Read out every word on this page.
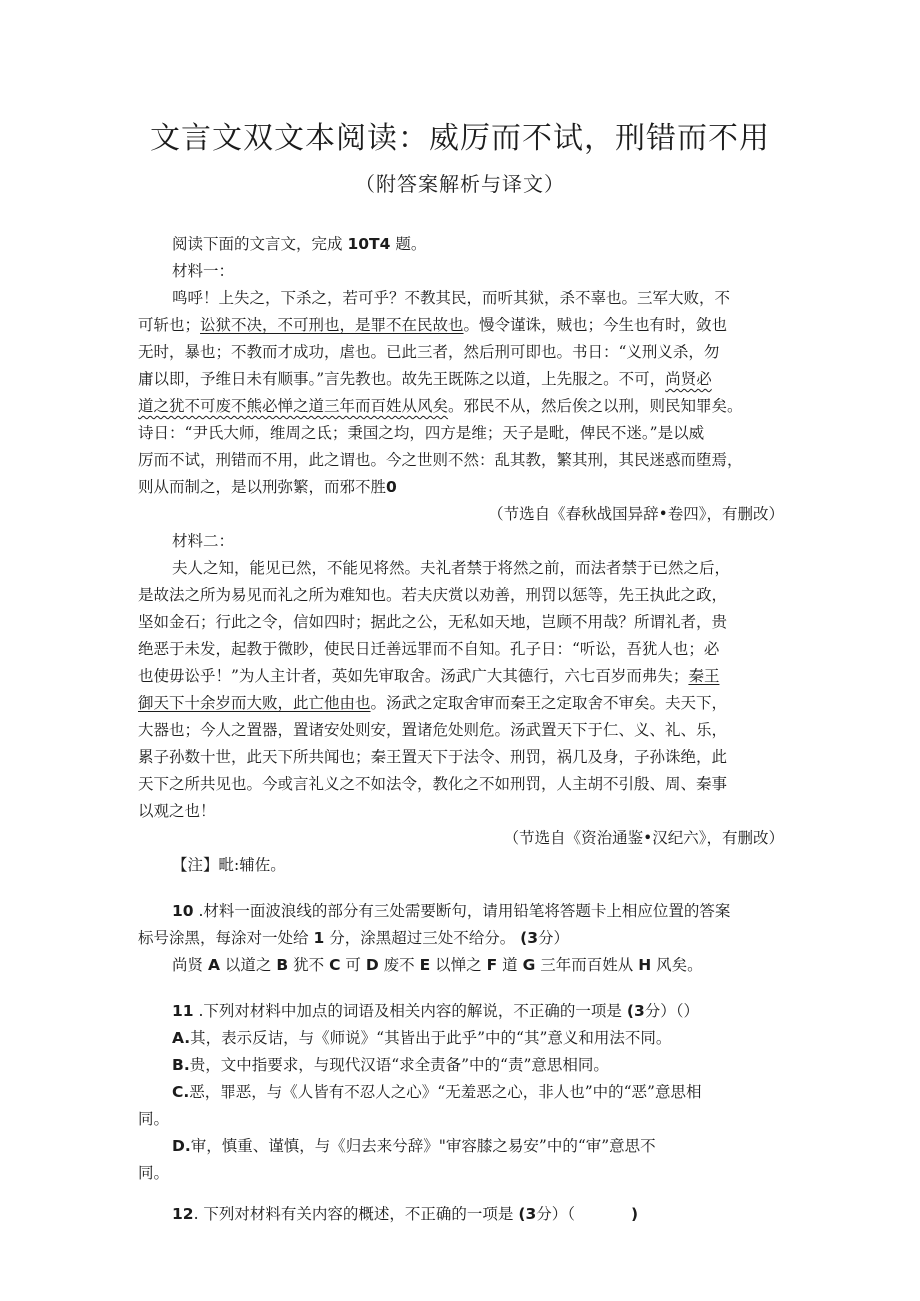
文言文双文本阅读：威厉而不试，刑错而不用
（附答案解析与译文）
阅读下面的文言文，完成 10T4 题。
材料一：
鸣呼！上失之，下杀之，若可乎？不教其民，而听其狱，杀不辜也。三军大败，不
可斩也；讼狱不决，不可刑也，是罪不在民故也。慢令谨诛，贼也；今生也有时，敛也
无时，暴也；不教而才成功，虐也。已此三者，然后刑可即也。书日：“义刑义杀，勿
庸以即，予维日未有顺事。”言先教也。故先王既陈之以道，上先服之。不可，尚贤必
道之犹不可废不熊必惮之道三年而百姓从风矣。邪民不从，然后俟之以刑，则民知罪矣。
诗日：“尹氏大师，维周之氐；秉国之均，四方是维；天子是毗，俾民不迷。”是以威
厉而不试，刑错而不用，此之谓也。今之世则不然：乱其教，繁其刑，其民迷惑而堕焉，
则从而制之，是以刑弥繁，而邪不胜0
（节选自《春秋战国异辞•卷四》，有删改）
材料二：
夫人之知，能见已然，不能见将然。夫礼者禁于将然之前，而法者禁于已然之后，
是故法之所为易见而礼之所为难知也。若夫庆赏以劝善，刑罚以惩等，先王执此之政，
坚如金石；行此之令，信如四时；据此之公，无私如天地，岂顾不用哉？所谓礼者，贵
绝恶于未发，起教于微眇，使民日迁善远罪而不自知。孔子日：“听讼，吾犹人也；必
也使毋讼乎！”为人主计者，英如先审取舍。汤武广大其德行，六七百岁而弗失；秦王
御天下十余岁而大败，此亡他由也。汤武之定取舍审而秦王之定取舍不审矣。夫天下，
大器也；今人之置器，置诸安处则安，置诸危处则危。汤武置天下于仁、义、礼、乐，
累子孙数十世，此天下所共闻也；秦王置天下于法令、刑罚，祸几及身，子孙诛绝，此
天下之所共见也。今或言礼义之不如法令，教化之不如刑罚，人主胡不引殷、周、秦事
以观之也！
（节选自《资治通鉴•汉纪六》，有删改）
【注】毗:辅佐。
10 .材料一面波浪线的部分有三处需要断句，请用铅笔将答题卡上相应位置的答案
标号涂黑，每涂对一处给 1 分，涂黑超过三处不给分。 (3分）
尚贤 A 以道之 B 犹不 C 可 D 废不 E 以惮之 F 道 G 三年而百姓从 H 风矣。
11 .下列对材料中加点的词语及相关内容的解说，不正确的一项是 (3分）（）
A.其，表示反诘，与《师说》“其皆出于此乎”中的“其”意义和用法不同。
B.贵，文中指要求，与现代汉语“求全责备”中的“责”意思相同。
C.恶，罪恶，与《人皆有不忍人之心》“无羞恶之心，非人也”中的“恶”意思相
同。
D.审，慎重、谨慎，与《归去来兮辞》"审容膝之易安”中的“审”意思不
同。
12. 下列对材料有关内容的概述，不正确的一项是 (3分）（	)
